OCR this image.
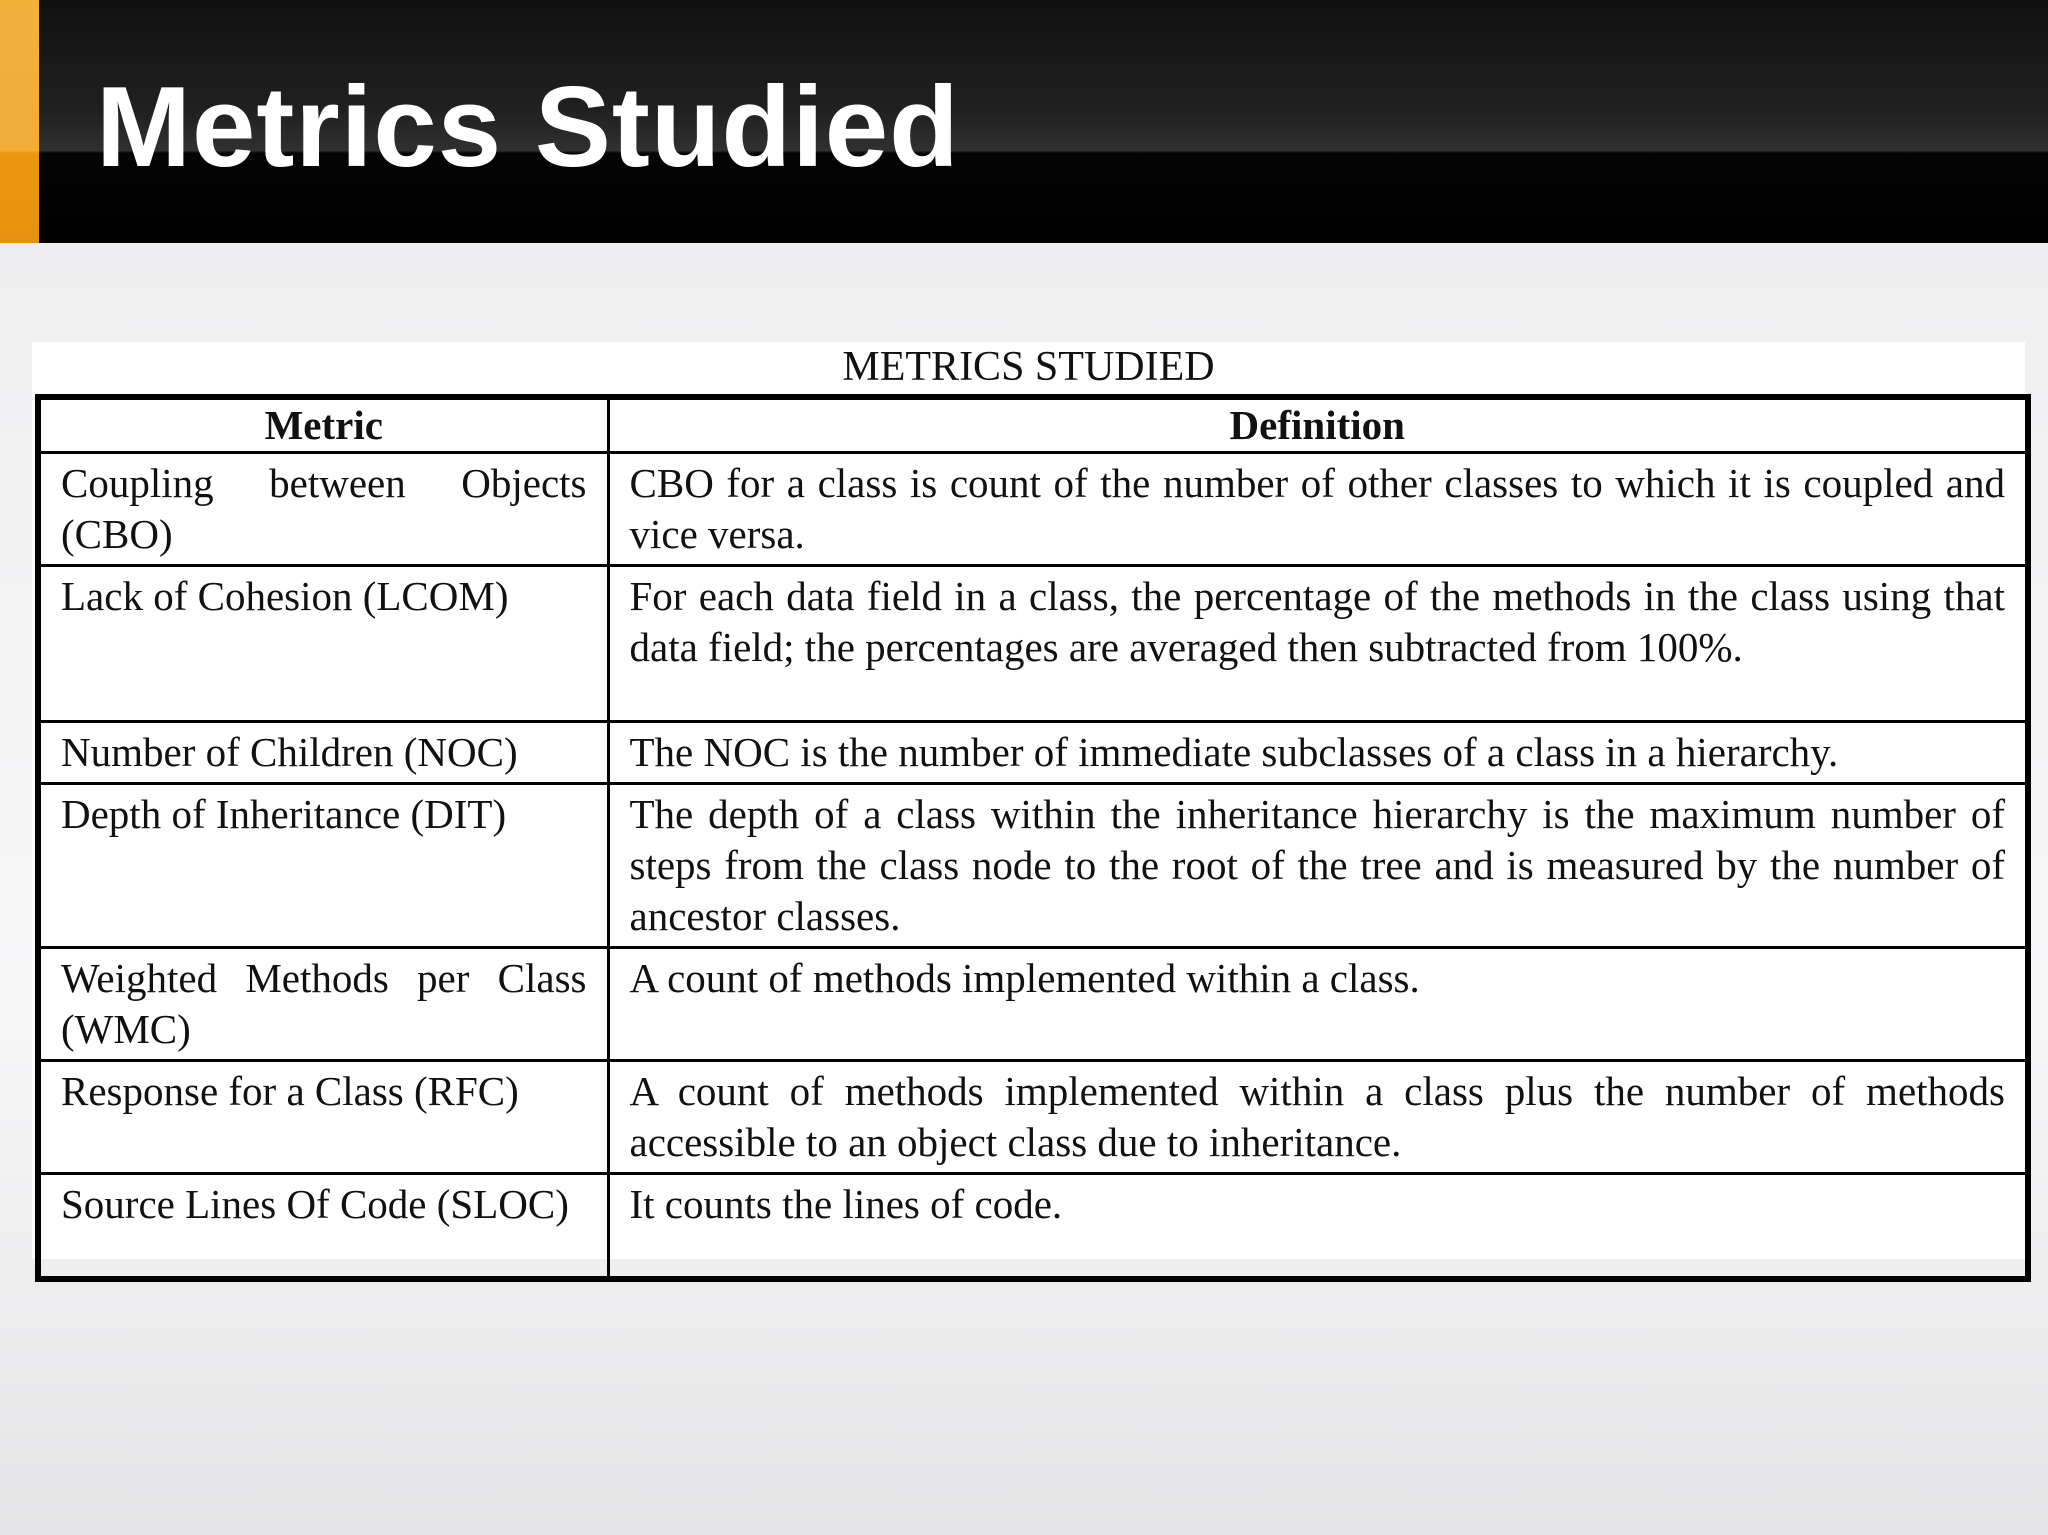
Metrics Studied
METRICS STUDIED
Metric	Definition
Coupling between Objects (CBO)	CBO for a class is count of the number of other classes to which it is coupled and vice versa.
Lack of Cohesion (LCOM)	For each data field in a class, the percentage of the methods in the class using that data field; the percentages are averaged then subtracted from 100%.
Number of Children (NOC)	The NOC is the number of immediate subclasses of a class in a hierarchy.
Depth of Inheritance (DIT)	The depth of a class within the inheritance hierarchy is the maximum number of steps from the class node to the root of the tree and is measured by the number of ancestor classes.
Weighted Methods per Class (WMC)	A count of methods implemented within a class.
Response for a Class (RFC)	A count of methods implemented within a class plus the number of methods accessible to an object class due to inheritance.
Source Lines Of Code (SLOC)	It counts the lines of code.
